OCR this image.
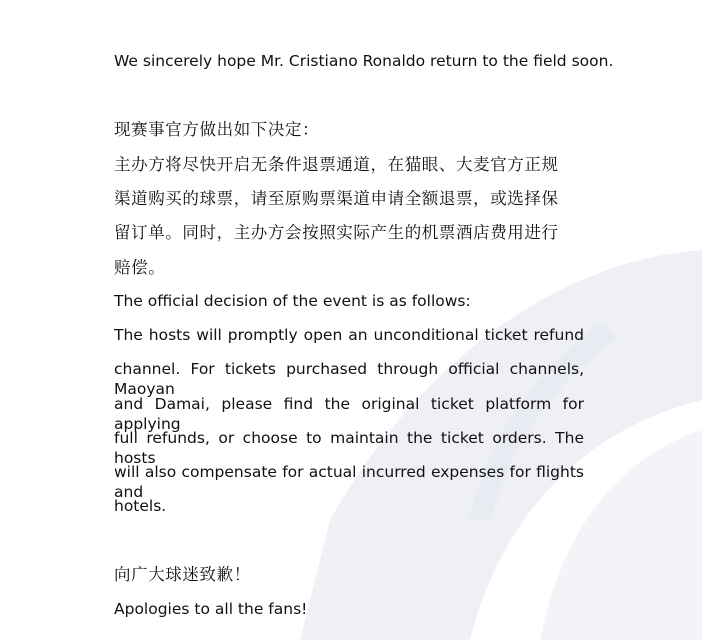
We sincerely hope Mr. Cristiano Ronaldo return to the field soon.
现赛事官方做出如下决定：
主办方将尽快开启无条件退票通道，在猫眼、大麦官方正规
渠道购买的球票，请至原购票渠道申请全额退票，或选择保
留订单。同时，主办方会按照实际产生的机票酒店费用进行
赔偿。
The official decision of the event is as follows:
The hosts will promptly open an unconditional ticket refund
channel. For tickets purchased through official channels, Maoyan
and Damai, please find the original ticket platform for applying
full refunds, or choose to maintain the ticket orders. The hosts
will also compensate for actual incurred expenses for flights and
hotels.
向广大球迷致歉！
Apologies to all the fans!
